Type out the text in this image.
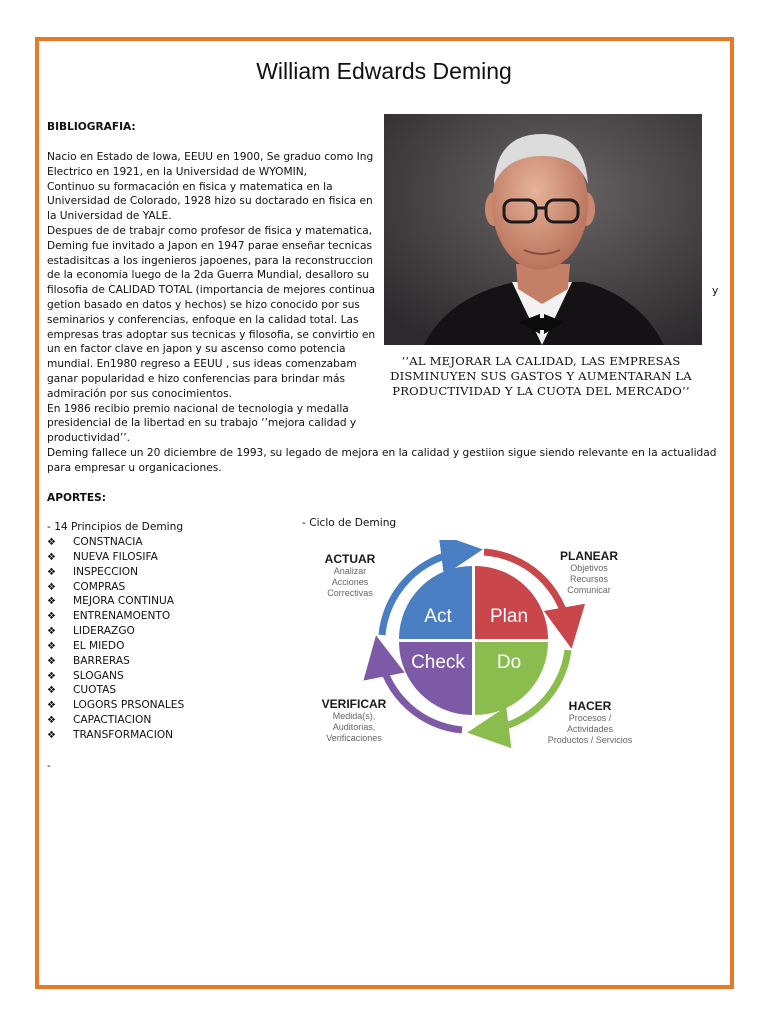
William Edwards Deming
BIBLIOGRAFIA:
Nacio en Estado de Iowa, EEUU en 1900, Se graduo como Ing
Electrico en 1921, en la Universidad de WYOMIN,
Continuo su formacación en fisica y matematica en la
Universidad de Colorado, 1928 hizo su doctarado en fisica en
la Universidad de YALE.
Despues de de trabajr como profesor de fisica y matematica,
Deming fue invitado a Japon en 1947 parae enseñar tecnicas
estadisitcas a los ingenieros japoenes, para la reconstruccion
de la economia luego de la 2da Guerra Mundial, desalloro su
filosofia de CALIDAD TOTAL (importancia de mejores continua
getion basado en datos y hechos) se hizo conocido por sus
seminarios y conferencias, enfoque en la calidad total. Las
empresas tras adoptar sus tecnicas y filosofia, se convirtio en
un en factor clave en japon y su ascenso como potencia
mundial. En1980 regreso a EEUU , sus ideas comenzabam
ganar popularidad e hizo conferencias para brindar más
admiración por sus conocimientos.
En 1986 recibio premio nacional de tecnologia y medalla
presidencial de la libertad en su trabajo ‘’mejora calidad y
productividad’’.
Deming fallece un 20 diciembre de 1993, su legado de mejora en la calidad y gestiion sigue siendo relevante en la actualidad
para empresar u organicaciones.
y
‘’AL MEJORAR LA CALIDAD, LAS EMPRESAS DISMINUYEN SUS GASTOS Y AUMENTARAN LA PRODUCTIVIDAD Y LA CUOTA DEL MERCADO’’
APORTES:
- 14 Principios de Deming
❖ CONSTNACIA
❖ NUEVA FILOSIFA
❖ INSPECCION
❖ COMPRAS
❖ MEJORA CONTINUA
❖ ENTRENAMOENTO
❖ LIDERAZGO
❖ EL MIEDO
❖ BARRERAS
❖ SLOGANS
❖ CUOTAS
❖ LOGORS PRSONALES
❖ CAPACTIACION
❖ TRANSFORMACION
-
- Ciclo de Deming
Act Plan
Check Do
ACTUAR
Analizar
Acciones
Correctivas
PLANEAR
Objetivos
Recursos
Comunicar
VERIFICAR
Medida(s),
Auditorias,
Verificaciones
HACER
Procesos /
Actividades
Productos / Servicios
